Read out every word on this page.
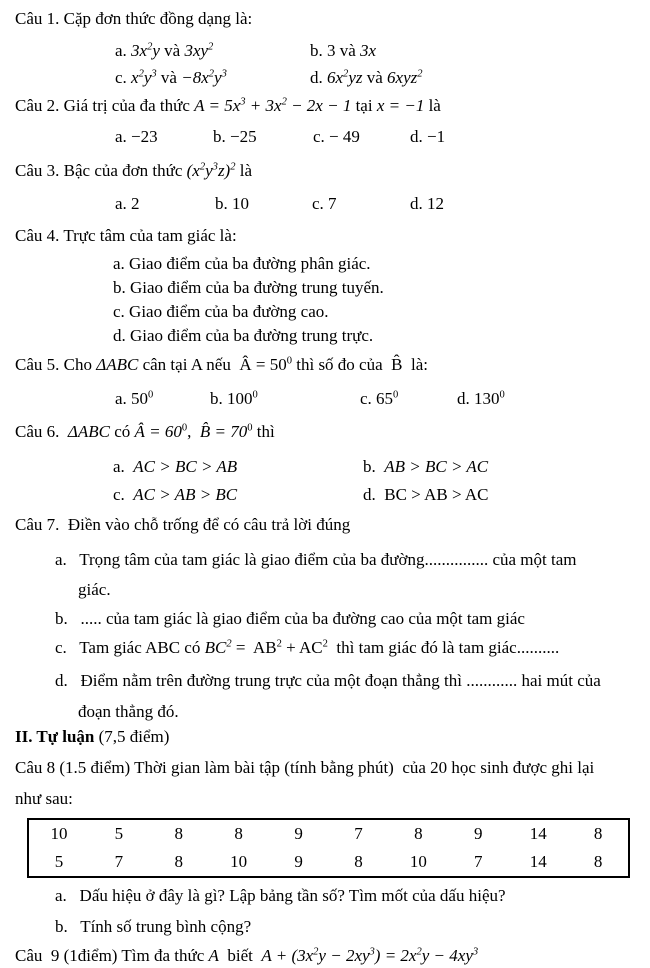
Câu 1. Cặp đơn thức đồng dạng là:
a. $3x^2y$ và $3xy^2$	b. 3 và 3x
c. $x^2y^3$ và $-8x^2y^3$	d. $6x^2yz$ và 6xyz$^2$
Câu 2. Giá trị của đa thức $A = 5x^3 + 3x^2 - 2x - 1$ tại x = −1 là
a. −23	b. −25	c. − 49	d. −1
Câu 3. Bậc của đơn thức $(x^2y^3z)^2$ là
a. 2	b. 10	c. 7	d. 12
Câu 4. Trực tâm của tam giác là:
a. Giao điểm của ba đường phân giác.
b. Giao điểm của ba đường trung tuyến.
c. Giao điểm của ba đường cao.
d. Giao điểm của ba đường trung trực.
Câu 5. Cho ΔABC cân tại A nếu  Â = $50^0$ thì số đo của  B̂  là:
a. $50^0$	b. $100^0$	c. $65^0$	d. $130^0$
Câu 6.  ΔABC có Â = $60^0$,  B̂ = $70^0$ thì
a.  AC > BC > AB	b.  AB > BC > AC
c.  AC > AB > BC	d.  BC > AB > AC
Câu 7.  Điền vào chỗ trống để có câu trả lời đúng
a.   Trọng tâm của tam giác là giao điểm của ba đường............... của một tam
giác.
b.   ..... của tam giác là giao điểm của ba đường cao của một tam giác
c.   Tam giác ABC có $BC^2 = AB^2 + AC^2$  thì tam giác đó là tam giác..........
d.   Điểm nằm trên đường trung trực của một đoạn thẳng thì ............ hai mút của
đoạn thẳng đó.
II. Tự luận (7,5 điểm)
Câu 8 (1.5 điểm) Thời gian làm bài tập (tính bằng phút)  của 20 học sinh được ghi lại
như sau:
10	5	8	8	9	7	8	9	14	8
5	7	8	10	9	8	10	7	14	8
a.   Dấu hiệu ở đây là gì? Lập bảng tần số? Tìm mốt của dấu hiệu?
b.   Tính số trung bình cộng?
Câu  9 (1điểm) Tìm đa thức A  biết  $A + (3x^2y - 2xy^3) = 2x^2y - 4xy^3$
